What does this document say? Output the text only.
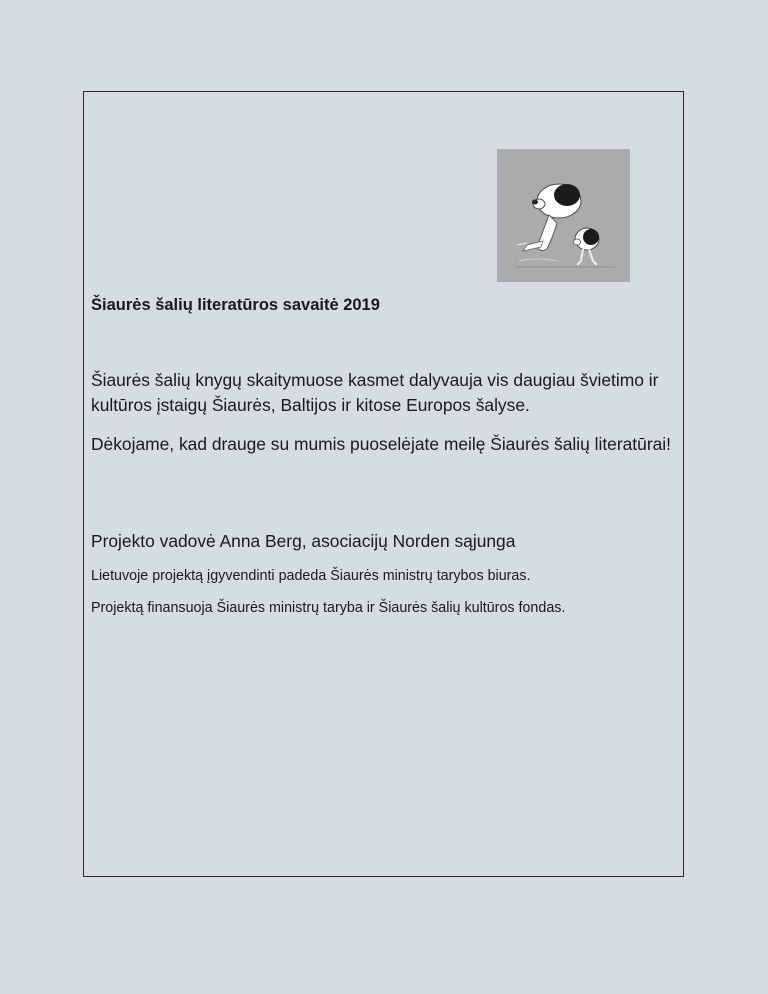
Šiaurės šalių literatūros savaitė 2019

Šiaurės šalių knygų skaitymuose kasmet dalyvauja vis daugiau švietimo ir kultūros įstaigų Šiaurės, Baltijos ir kitose Europos šalyse.

Dėkojame, kad drauge su mumis puoselėjate meilę Šiaurės šalių literatūrai!

Projekto vadovė Anna Berg, asociacijų Norden sąjunga

Lietuvoje projektą įgyvendinti padeda Šiaurės ministrų tarybos biuras.

Projektą finansuoja Šiaurės ministrų taryba ir Šiaurės šalių kultūros fondas.
